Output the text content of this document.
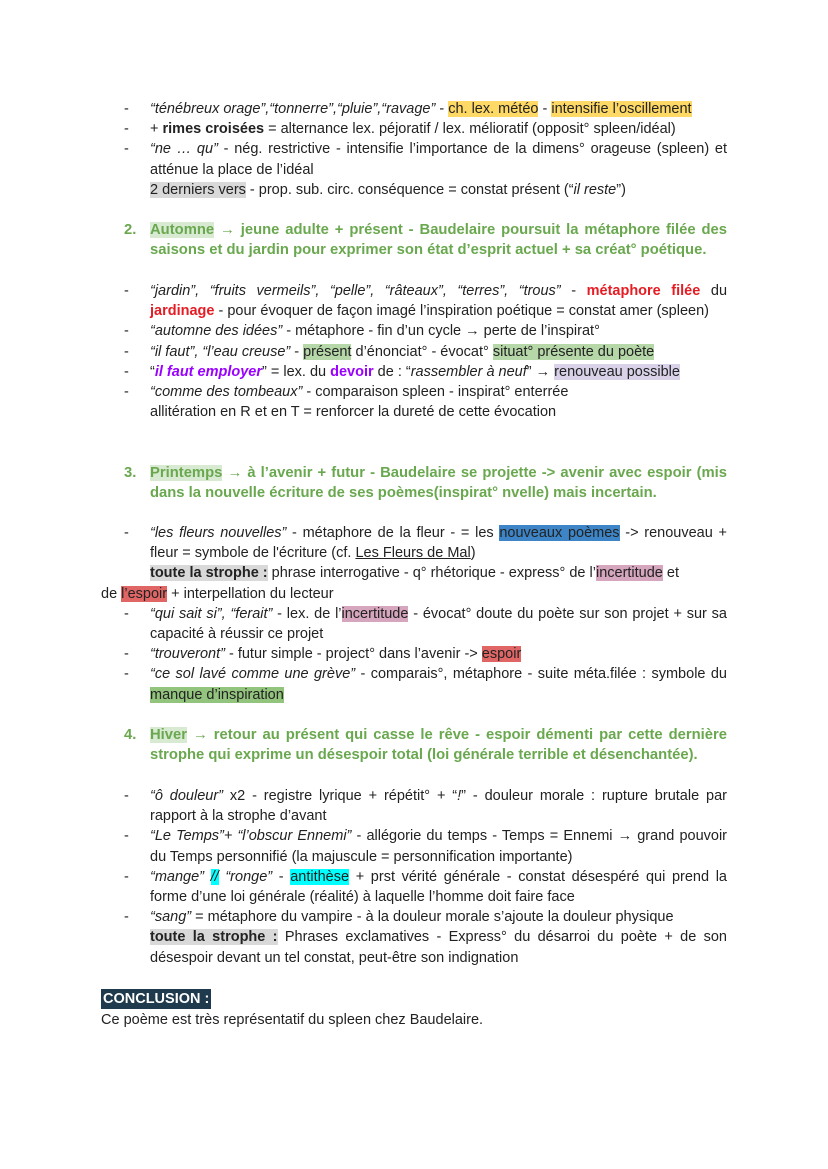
- “ténébreux orage”,“tonnerre”,“pluie”,“ravage” - ch. lex. météo - intensifie l’oscillement
- + rimes croisées = alternance lex. péjoratif / lex. mélioratif (opposit° spleen/idéal)
- “ne … qu” - nég. restrictive - intensifie l’importance de la dimens° orageuse (spleen) et atténue la place de l’idéal
2 derniers vers - prop. sub. circ. conséquence = constat présent (“il reste”)
2. Automne → jeune adulte + présent - Baudelaire poursuit la métaphore filée des saisons et du jardin pour exprimer son état d’esprit actuel + sa créat° poétique.
- “jardin”, “fruits vermeils”, “pelle”, “râteaux”, “terres”, “trous” - métaphore filée du jardinage - pour évoquer de façon imagé l’inspiration poétique = constat amer (spleen)
- “automne des idées” - métaphore - fin d’un cycle → perte de l’inspirat°
- “il faut”, “l’eau creuse” - présent d’énonciat° - évocat° situat° présente du poète
- “il faut employer” = lex. du devoir de : “rassembler à neuf” → renouveau possible
- “comme des tombeaux” - comparaison spleen - inspirat° enterrée
allitération en R et en T = renforcer la dureté de cette évocation
3. Printemps → à l’avenir + futur - Baudelaire se projette -> avenir avec espoir (mis dans la nouvelle écriture de ses poèmes(inspirat° nvelle) mais incertain.
- “les fleurs nouvelles” - métaphore de la fleur - = les nouveaux poèmes -> renouveau + fleur = symbole de l'écriture (cf. Les Fleurs de Mal)
toute la strophe : phrase interrogative - q° rhétorique - express° de l’incertitude et
de l’espoir + interpellation du lecteur
- “qui sait si”, “ferait” - lex. de l’incertitude - évocat° doute du poète sur son projet + sur sa capacité à réussir ce projet
- “trouveront” - futur simple - project° dans l’avenir -> espoir
- “ce sol lavé comme une grève” - comparais°, métaphore - suite méta.filée : symbole du manque d’inspiration
4. Hiver → retour au présent qui casse le rêve - espoir démenti par cette dernière strophe qui exprime un désespoir total (loi générale terrible et désenchantée).
- “ô douleur” x2 - registre lyrique + répétit° + “!” - douleur morale : rupture brutale par rapport à la strophe d’avant
- “Le Temps”+ “l’obscur Ennemi” - allégorie du temps - Temps = Ennemi → grand pouvoir du Temps personnifié (la majuscule = personnification importante)
- “mange” // “ronge” - antithèse + prst vérité générale - constat désespéré qui prend la forme d’une loi générale (réalité) à laquelle l’homme doit faire face
- “sang” = métaphore du vampire - à la douleur morale s’ajoute la douleur physique
toute la strophe : Phrases exclamatives - Express° du désarroi du poète + de son désespoir devant un tel constat, peut-être son indignation
CONCLUSION :
Ce poème est très représentatif du spleen chez Baudelaire.
